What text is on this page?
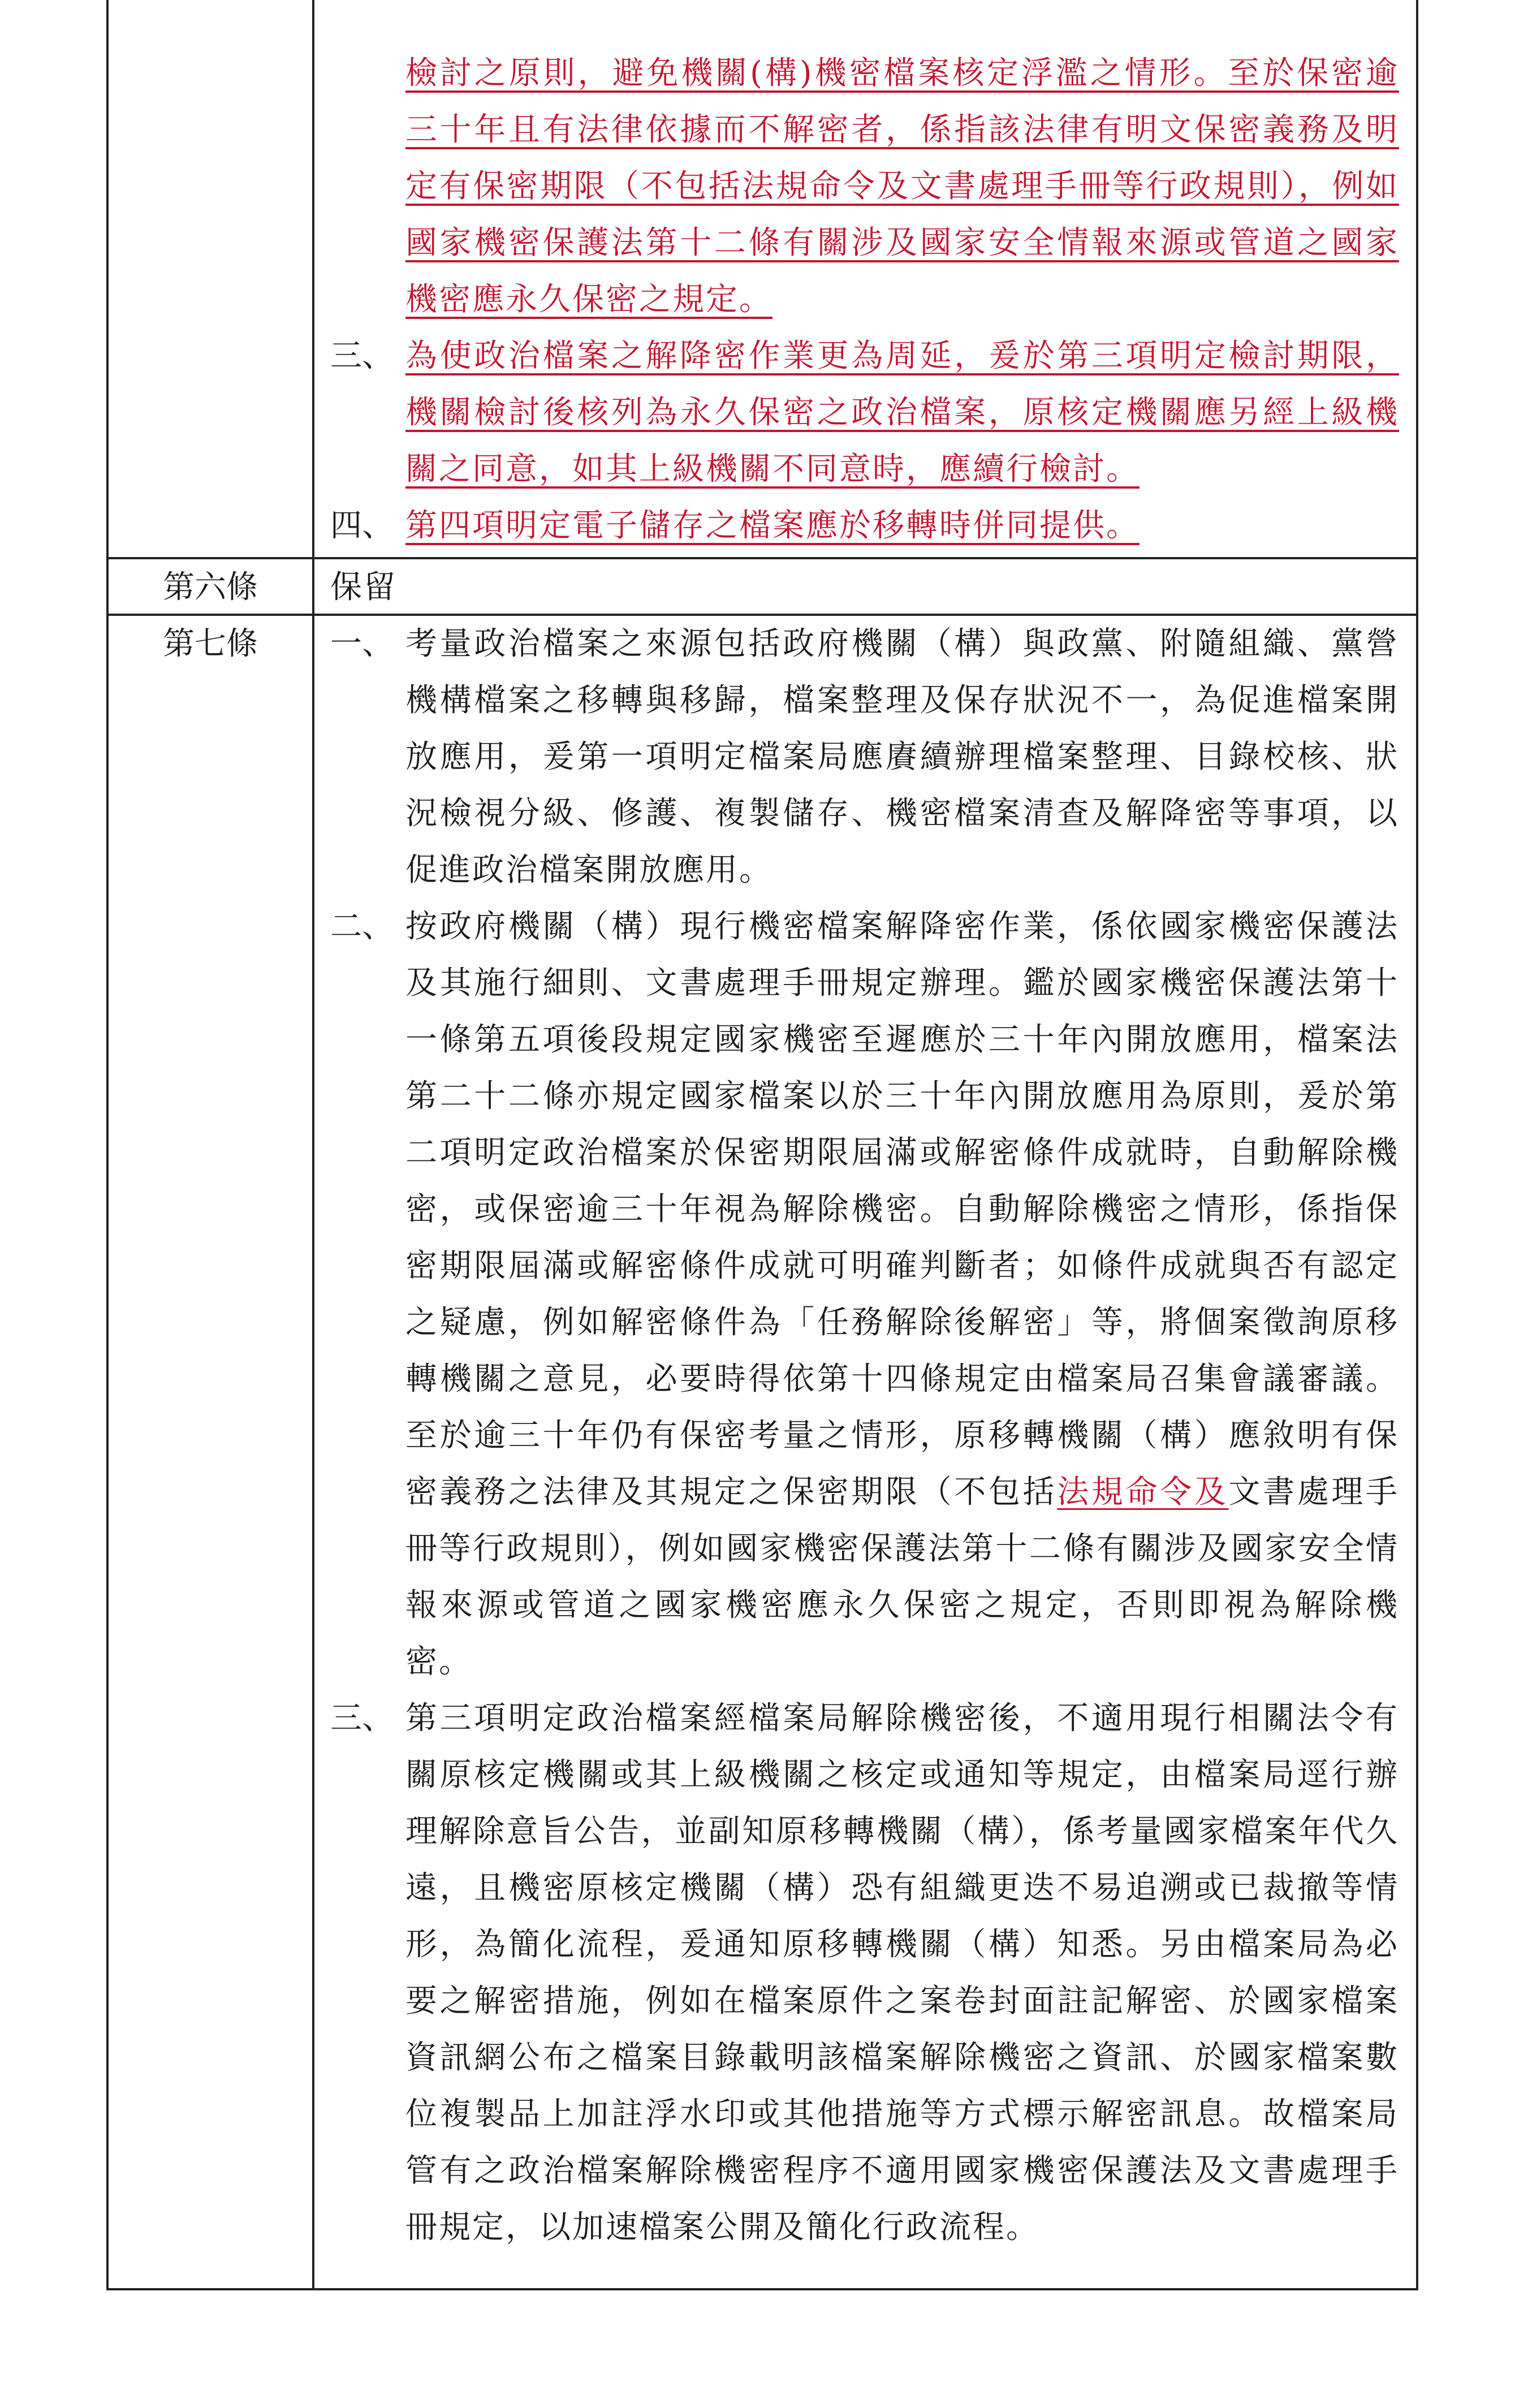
檢討之原則，避免機關(構)機密檔案核定浮濫之情形。至於保密逾三十年且有法律依據而不解密者，係指該法律有明文保密義務及明定有保密期限（不包括法規命令及文書處理手冊等行政規則），例如國家機密保護法第十二條有關涉及國家安全情報來源或管道之國家機密應永久保密之規定。
三、 為使政治檔案之解降密作業更為周延，爰於第三項明定檢討期限，機關檢討後核列為永久保密之政治檔案，原核定機關應另經上級機關之同意，如其上級機關不同意時，應續行檢討。
四、 第四項明定電子儲存之檔案應於移轉時併同提供。
第六條	保留
第七條	一、 考量政治檔案之來源包括政府機關（構）與政黨、附隨組織、黨營機構檔案之移轉與移歸，檔案整理及保存狀況不一，為促進檔案開放應用，爰第一項明定檔案局應賡續辦理檔案整理、目錄校核、狀況檢視分級、修護、複製儲存、機密檔案清查及解降密等事項，以促進政治檔案開放應用。
二、 按政府機關（構）現行機密檔案解降密作業，係依國家機密保護法及其施行細則、文書處理手冊規定辦理。鑑於國家機密保護法第十一條第五項後段規定國家機密至遲應於三十年內開放應用，檔案法第二十二條亦規定國家檔案以於三十年內開放應用為原則，爰於第二項明定政治檔案於保密期限屆滿或解密條件成就時，自動解除機密，或保密逾三十年視為解除機密。自動解除機密之情形，係指保密期限屆滿或解密條件成就可明確判斷者；如條件成就與否有認定之疑慮，例如解密條件為「任務解除後解密」等，將個案徵詢原移轉機關之意見，必要時得依第十四條規定由檔案局召集會議審議。至於逾三十年仍有保密考量之情形，原移轉機關（構）應敘明有保密義務之法律及其規定之保密期限（不包括法規命令及文書處理手冊等行政規則），例如國家機密保護法第十二條有關涉及國家安全情報來源或管道之國家機密應永久保密之規定，否則即視為解除機密。
三、 第三項明定政治檔案經檔案局解除機密後，不適用現行相關法令有關原核定機關或其上級機關之核定或通知等規定，由檔案局逕行辦理解除意旨公告，並副知原移轉機關（構），係考量國家檔案年代久遠，且機密原核定機關（構）恐有組織更迭不易追溯或已裁撤等情形，為簡化流程，爰通知原移轉機關（構）知悉。另由檔案局為必要之解密措施，例如在檔案原件之案卷封面註記解密、於國家檔案資訊網公布之檔案目錄載明該檔案解除機密之資訊、於國家檔案數位複製品上加註浮水印或其他措施等方式標示解密訊息。故檔案局管有之政治檔案解除機密程序不適用國家機密保護法及文書處理手冊規定，以加速檔案公開及簡化行政流程。
